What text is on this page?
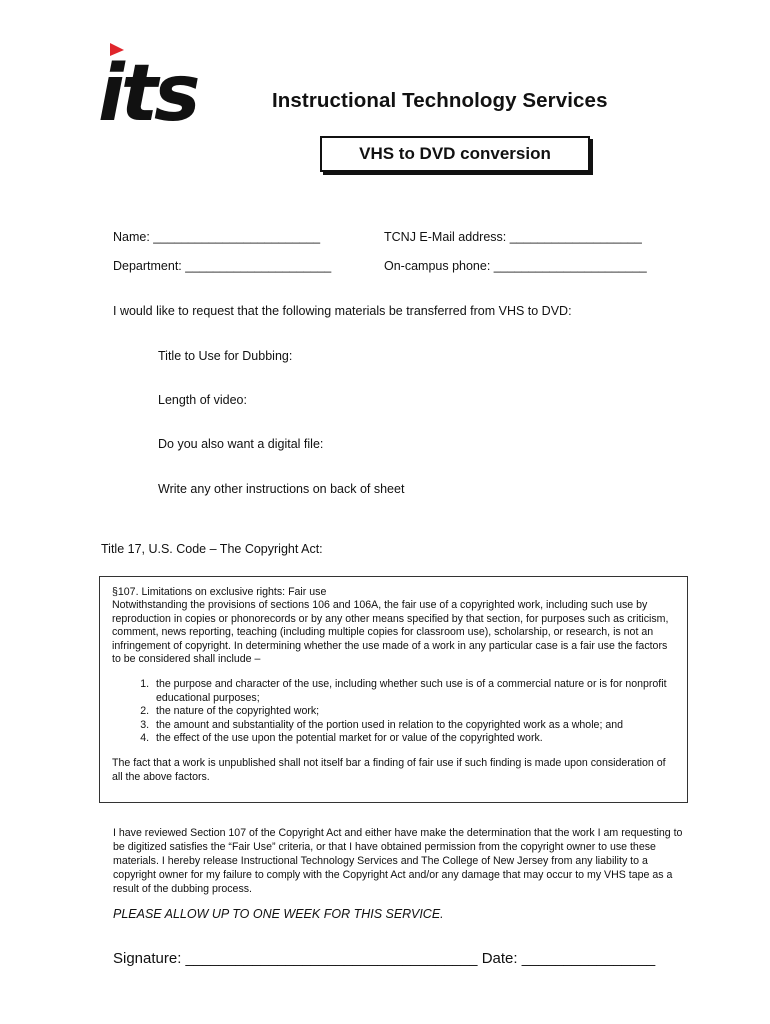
its	Instructional Technology Services
VHS to DVD conversion
Name: ________________________	TCNJ E-Mail address: ___________________
Department: _____________________	On-campus phone: ______________________
I would like to request that the following materials be transferred from VHS to DVD:
Title to Use for Dubbing:
Length of video:
Do you also want a digital file:
Write any other instructions on back of sheet
Title 17, U.S. Code – The Copyright Act:

§107. Limitations on exclusive rights: Fair use

Notwithstanding the provisions of sections 106 and 106A, the fair use of a copyrighted work, including such use by reproduction in copies or phonorecords or by any other means specified by that section, for purposes such as criticism, comment, news reporting, teaching (including multiple copies for classroom use), scholarship, or research, is not an infringement of copyright. In determining whether the use made of a work in any particular case is a fair use the factors to be considered shall include –

1. the purpose and character of the use, including whether such use is of a commercial nature or is for nonprofit educational purposes;
2. the nature of the copyrighted work;
3. the amount and substantiality of the portion used in relation to the copyrighted work as a whole; and
4. the effect of the use upon the potential market for or value of the copyrighted work.

The fact that a work is unpublished shall not itself bar a finding of fair use if such finding is made upon consideration of all the above factors.

I have reviewed Section 107 of the Copyright Act and either have make the determination that the work I am requesting to be digitized satisfies the “Fair Use” criteria, or that I have obtained permission from the copyright owner to use these materials. I hereby release Instructional Technology Services and The College of New Jersey from any liability to a copyright owner for my failure to comply with the Copyright Act and/or any damage that may occur to my VHS tape as a result of the dubbing process.
PLEASE ALLOW UP TO ONE WEEK FOR THIS SERVICE.
Signature: ___________________________________ Date: ________________
